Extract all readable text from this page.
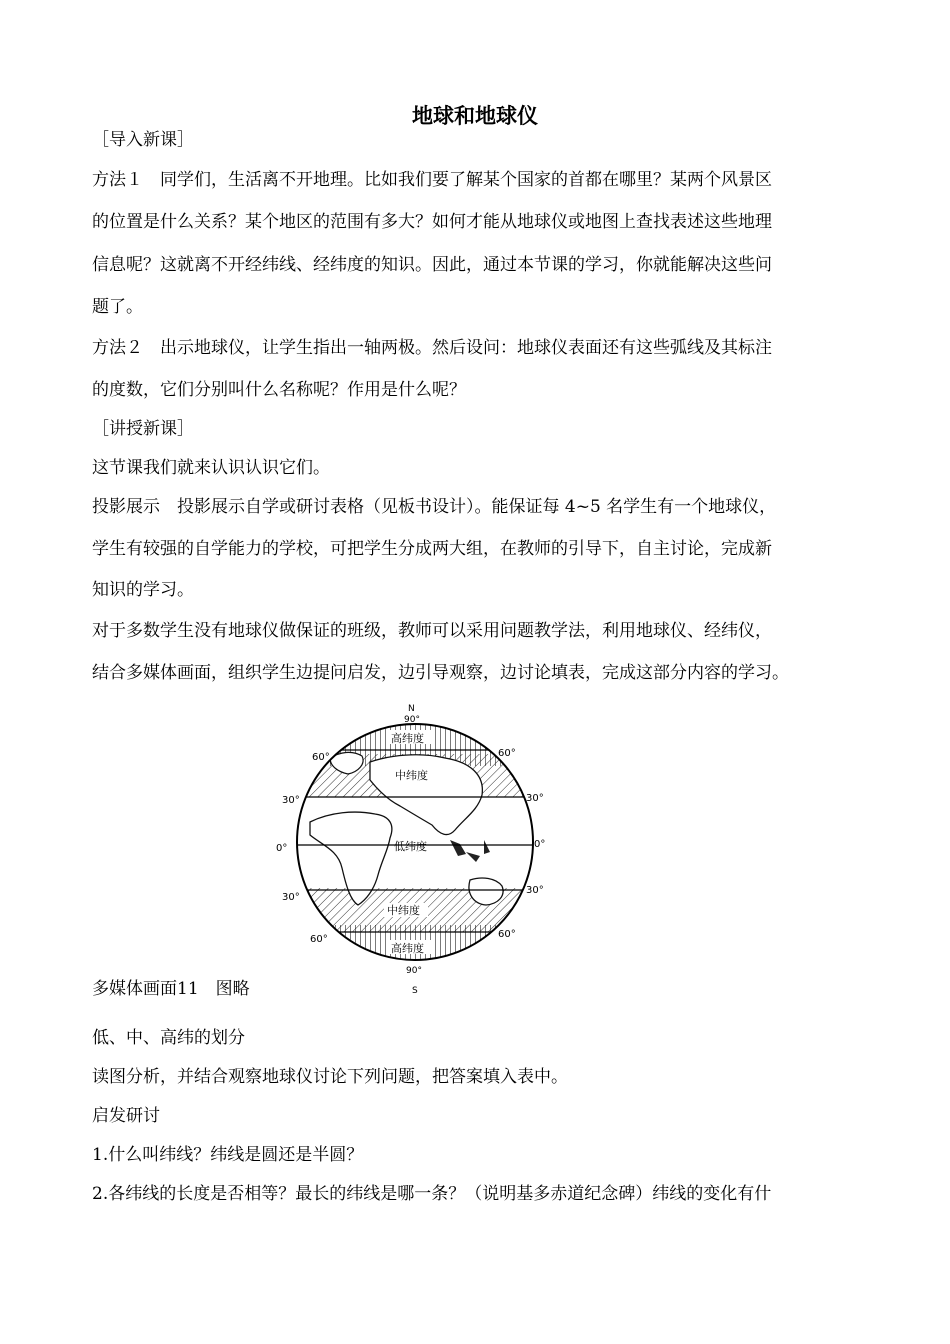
地球和地球仪
［导入新课］
方法１　同学们，生活离不开地理。比如我们要了解某个国家的首都在哪里？某两个风景区
的位置是什么关系？某个地区的范围有多大？如何才能从地球仪或地图上查找表述这些地理
信息呢？这就离不开经纬线、经纬度的知识。因此，通过本节课的学习，你就能解决这些问
题了。
方法２　出示地球仪，让学生指出一轴两极。然后设问：地球仪表面还有这些弧线及其标注
的度数，它们分别叫什么名称呢？作用是什么呢？
［讲授新课］
这节课我们就来认识认识它们。
投影展示　投影展示自学或研讨表格（见板书设计）。能保证每 4~5 名学生有一个地球仪，
学生有较强的自学能力的学校，可把学生分成两大组，在教师的引导下，自主讨论，完成新
知识的学习。
对于多数学生没有地球仪做保证的班级，教师可以采用问题教学法，利用地球仪、经纬仪，
结合多媒体画面，组织学生边提问启发，边引导观察，边讨论填表，完成这部分内容的学习。
高纬度
中纬度
低纬度
中纬度
高纬度
N
90°
90°
S
60°
30°
0°
30°
60°
60°
30°
0°
30°
60°
多媒体画面11　图略
低、中、高纬的划分
读图分析，并结合观察地球仪讨论下列问题，把答案填入表中。
启发研讨
1.什么叫纬线？纬线是圆还是半圆？
2.各纬线的长度是否相等？最长的纬线是哪一条？（说明基多赤道纪念碑）纬线的变化有什
